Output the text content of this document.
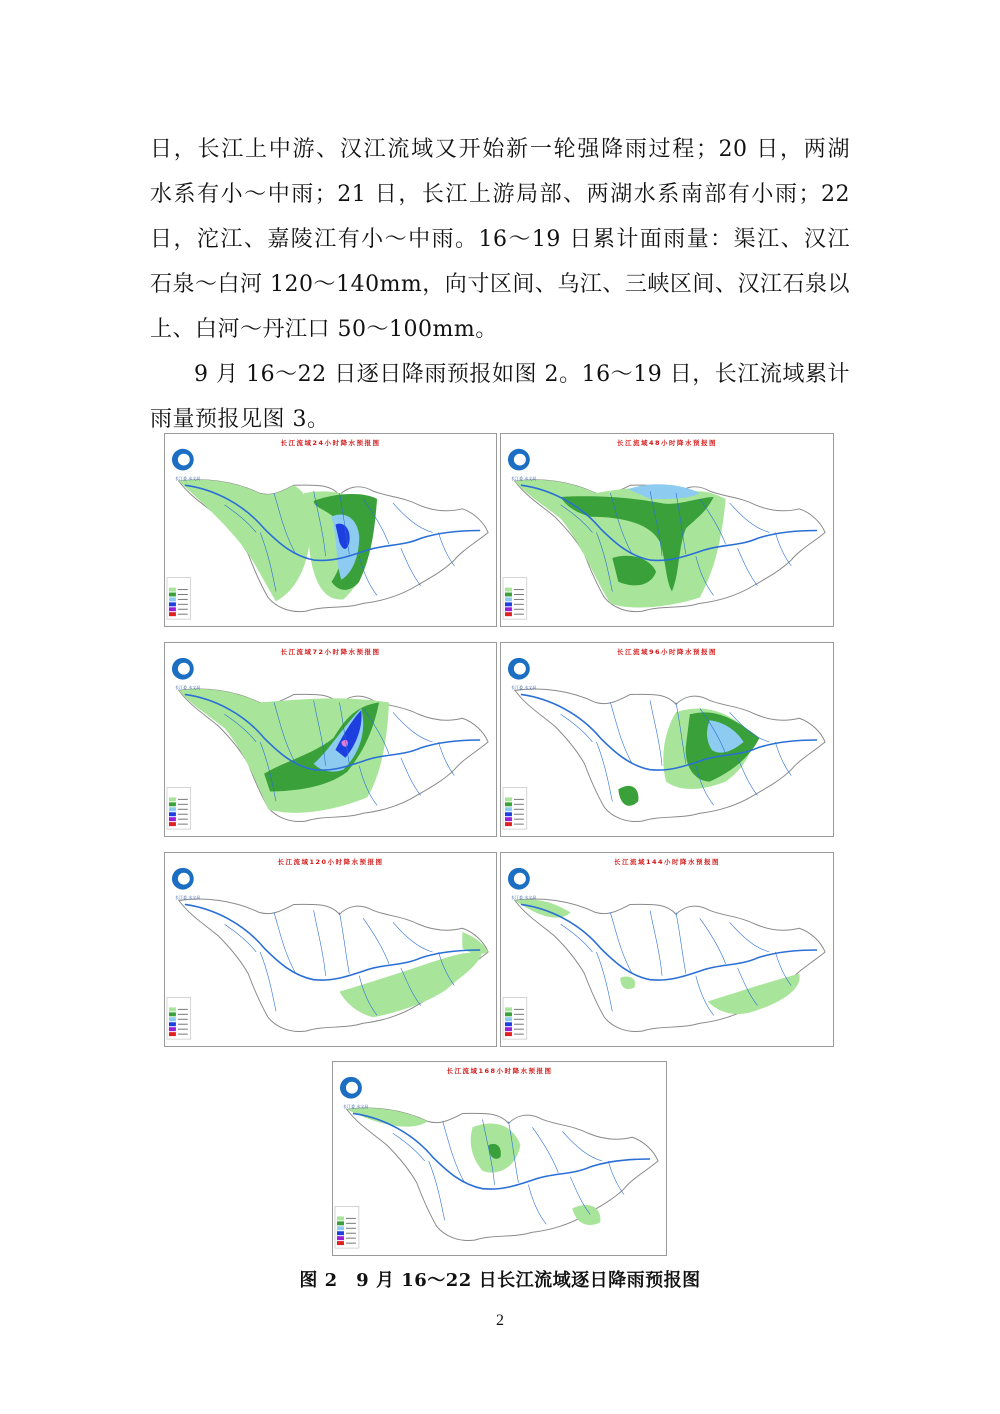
日，长江上中游、汉江流域又开始新一轮强降雨过程；20 日，两湖
水系有小～中雨；21 日，长江上游局部、两湖水系南部有小雨；22
日，沱江、嘉陵江有小～中雨。16～19 日累计面雨量：渠江、汉江
石泉～白河 120～140mm，向寸区间、乌江、三峡区间、汉江石泉以
上、白河～丹江口 50～100mm。

9 月 16～22 日逐日降雨预报如图 2。16～19 日，长江流域累计
雨量预报见图 3。

长江流域24小时降水预报图
长江委 水文局
长江流域48小时降水预报图
长江委 水文局
长江流域72小时降水预报图
长江委 水文局
长江流域96小时降水预报图
长江委 水文局
长江流域120小时降水预报图
长江委 水文局
长江流域144小时降水预报图
长江委 水文局
长江流域168小时降水预报图
长江委 水文局
图 2　9 月 16～22 日长江流域逐日降雨预报图
2
